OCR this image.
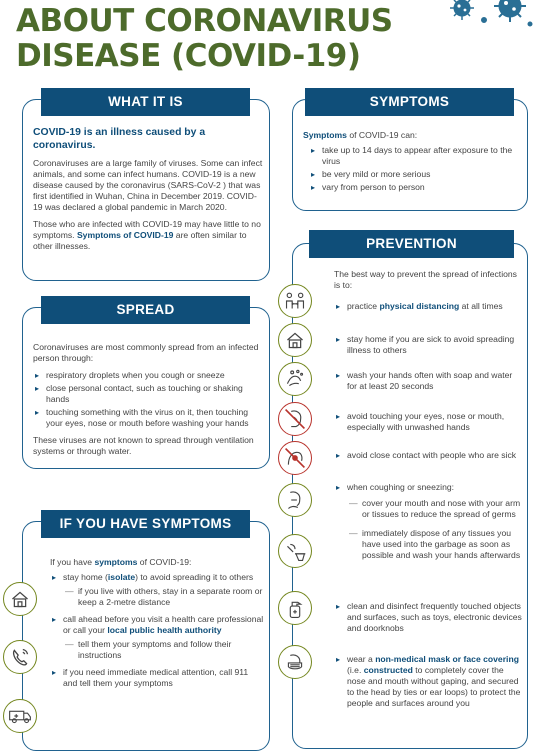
ABOUT CORONAVIRUS
DISEASE (COVID-19)
WHAT IT IS

COVID-19 is an illness caused by a coronavirus.

Coronaviruses are a large family of viruses. Some can infect animals, and some can infect humans. COVID-19 is a new disease caused by the coronavirus (SARS-CoV-2 ) that was first identified in Wuhan, China in December 2019. COVID-19 was declared a global pandemic in March 2020.

Those who are infected with COVID-19 may have little to no symptoms. Symptoms of COVID-19 are often similar to other illnesses.

SPREAD

Coronaviruses are most commonly spread from an infected person through:

▸ respiratory droplets when you cough or sneeze
▸ close personal contact, such as touching or shaking hands
▸ touching something with the virus on it, then touching your eyes, nose or mouth before washing your hands

These viruses are not known to spread through ventilation systems or through water.

IF YOU HAVE SYMPTOMS

If you have symptoms of COVID-19:

▸ stay home (isolate) to avoid spreading it to others
— if you live with others, stay in a separate room or keep a 2-metre distance
▸ call ahead before you visit a health care professional or call your local public health authority
— tell them your symptoms and follow their instructions
▸ if you need immediate medical attention, call 911 and tell them your symptoms
SYMPTOMS

Symptoms of COVID-19 can:

▸ take up to 14 days to appear after exposure to the virus
▸ be very mild or more serious
▸ vary from person to person
PREVENTION
The best way to prevent the spread of infections is to:
▸ practice physical distancing at all times
▸ stay home if you are sick to avoid spreading illness to others
▸ wash your hands often with soap and water for at least 20 seconds
▸ avoid touching your eyes, nose or mouth, especially with unwashed hands
▸ avoid close contact with people who are sick
▸ when coughing or sneezing:
— cover your mouth and nose with your arm or tissues to reduce the spread of germs
— immediately dispose of any tissues you have used into the garbage as soon as possible and wash your hands afterwards
▸ clean and disinfect frequently touched objects and surfaces, such as toys, electronic devices and doorknobs
▸ wear a non-medical mask or face covering (i.e. constructed to completely cover the nose and mouth without gaping, and secured to the head by ties or ear loops) to protect the people and surfaces around you
